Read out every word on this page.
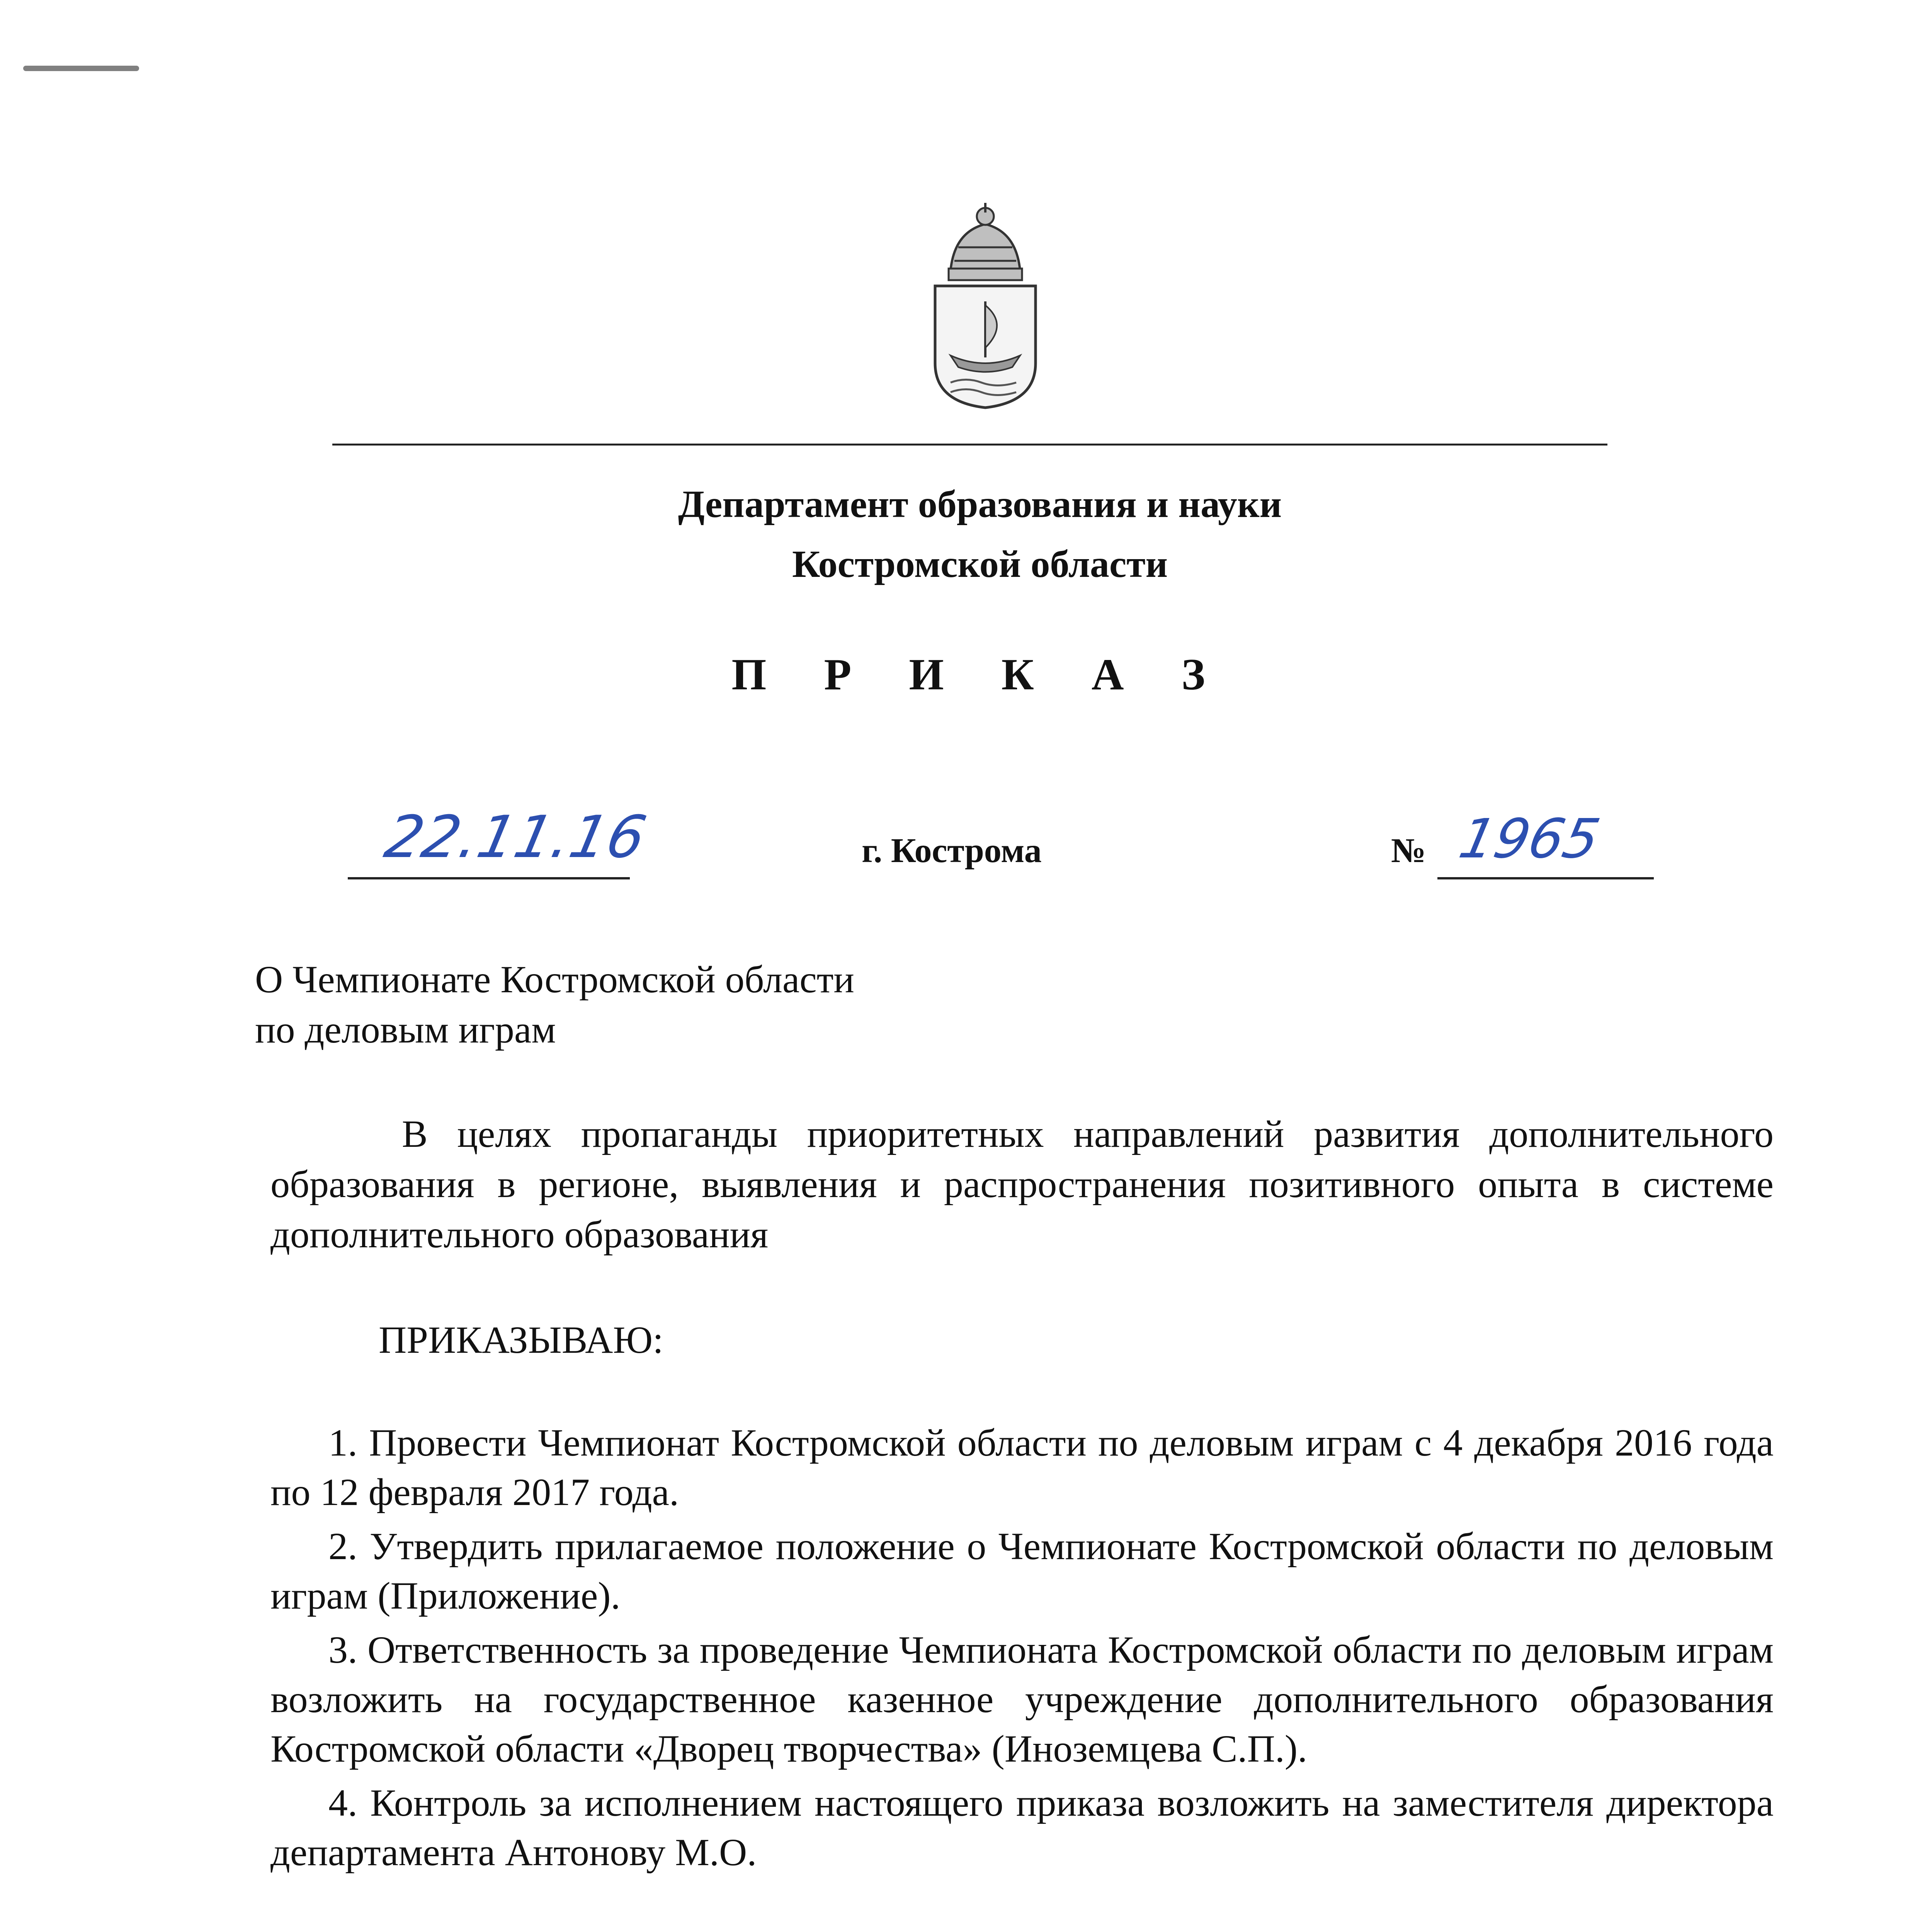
Департамент образования и науки
Костромской области
П Р И К А З
22.11.16	г. Кострома	№ 1965
О Чемпионате Костромской области
по деловым играм
В целях пропаганды приоритетных направлений развития дополнительного образования в регионе, выявления и распространения позитивного опыта в системе дополнительного образования
ПРИКАЗЫВАЮ:
1. Провести Чемпионат Костромской области по деловым играм с 4 декабря 2016 года по 12 февраля 2017 года.
2. Утвердить прилагаемое положение о Чемпионате Костромской области по деловым играм (Приложение).
3. Ответственность за проведение Чемпионата Костромской области по деловым играм возложить на государственное казенное учреждение дополнительного образования Костромской области «Дворец творчества» (Иноземцева С.П.).
4. Контроль за исполнением настоящего приказа возложить на заместителя директора департамента Антонову М.О.
